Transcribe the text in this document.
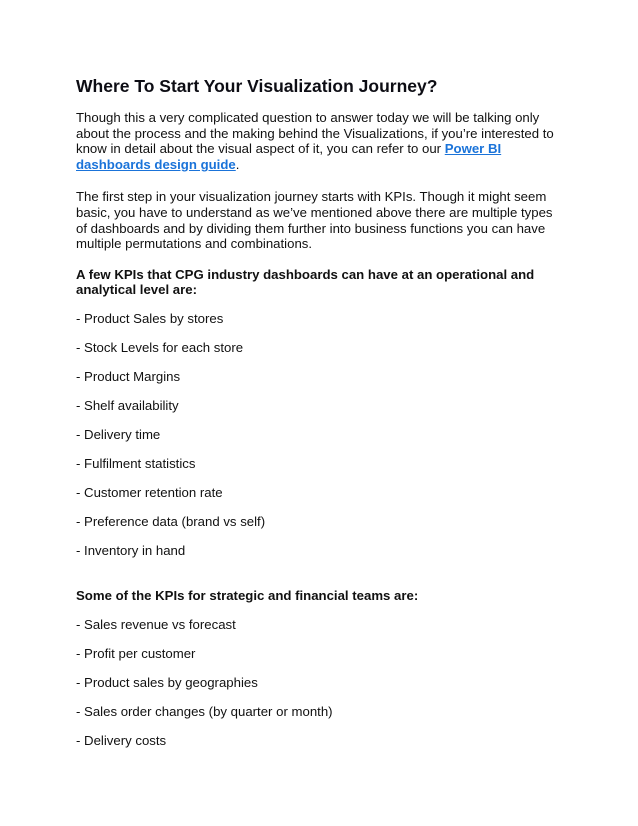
Where To Start Your Visualization Journey?

Though this a very complicated question to answer today we will be talking only about the process and the making behind the Visualizations, if you’re interested to know in detail about the visual aspect of it, you can refer to our Power BI dashboards design guide.

The first step in your visualization journey starts with KPIs. Though it might seem basic, you have to understand as we’ve mentioned above there are multiple types of dashboards and by dividing them further into business functions you can have multiple permutations and combinations.

A few KPIs that CPG industry dashboards can have at an operational and analytical level are:

- Product Sales by stores
- Stock Levels for each store
- Product Margins
- Shelf availability
- Delivery time
- Fulfilment statistics
- Customer retention rate
- Preference data (brand vs self)
- Inventory in hand

Some of the KPIs for strategic and financial teams are:

- Sales revenue vs forecast
- Profit per customer
- Product sales by geographies
- Sales order changes (by quarter or month)
- Delivery costs
